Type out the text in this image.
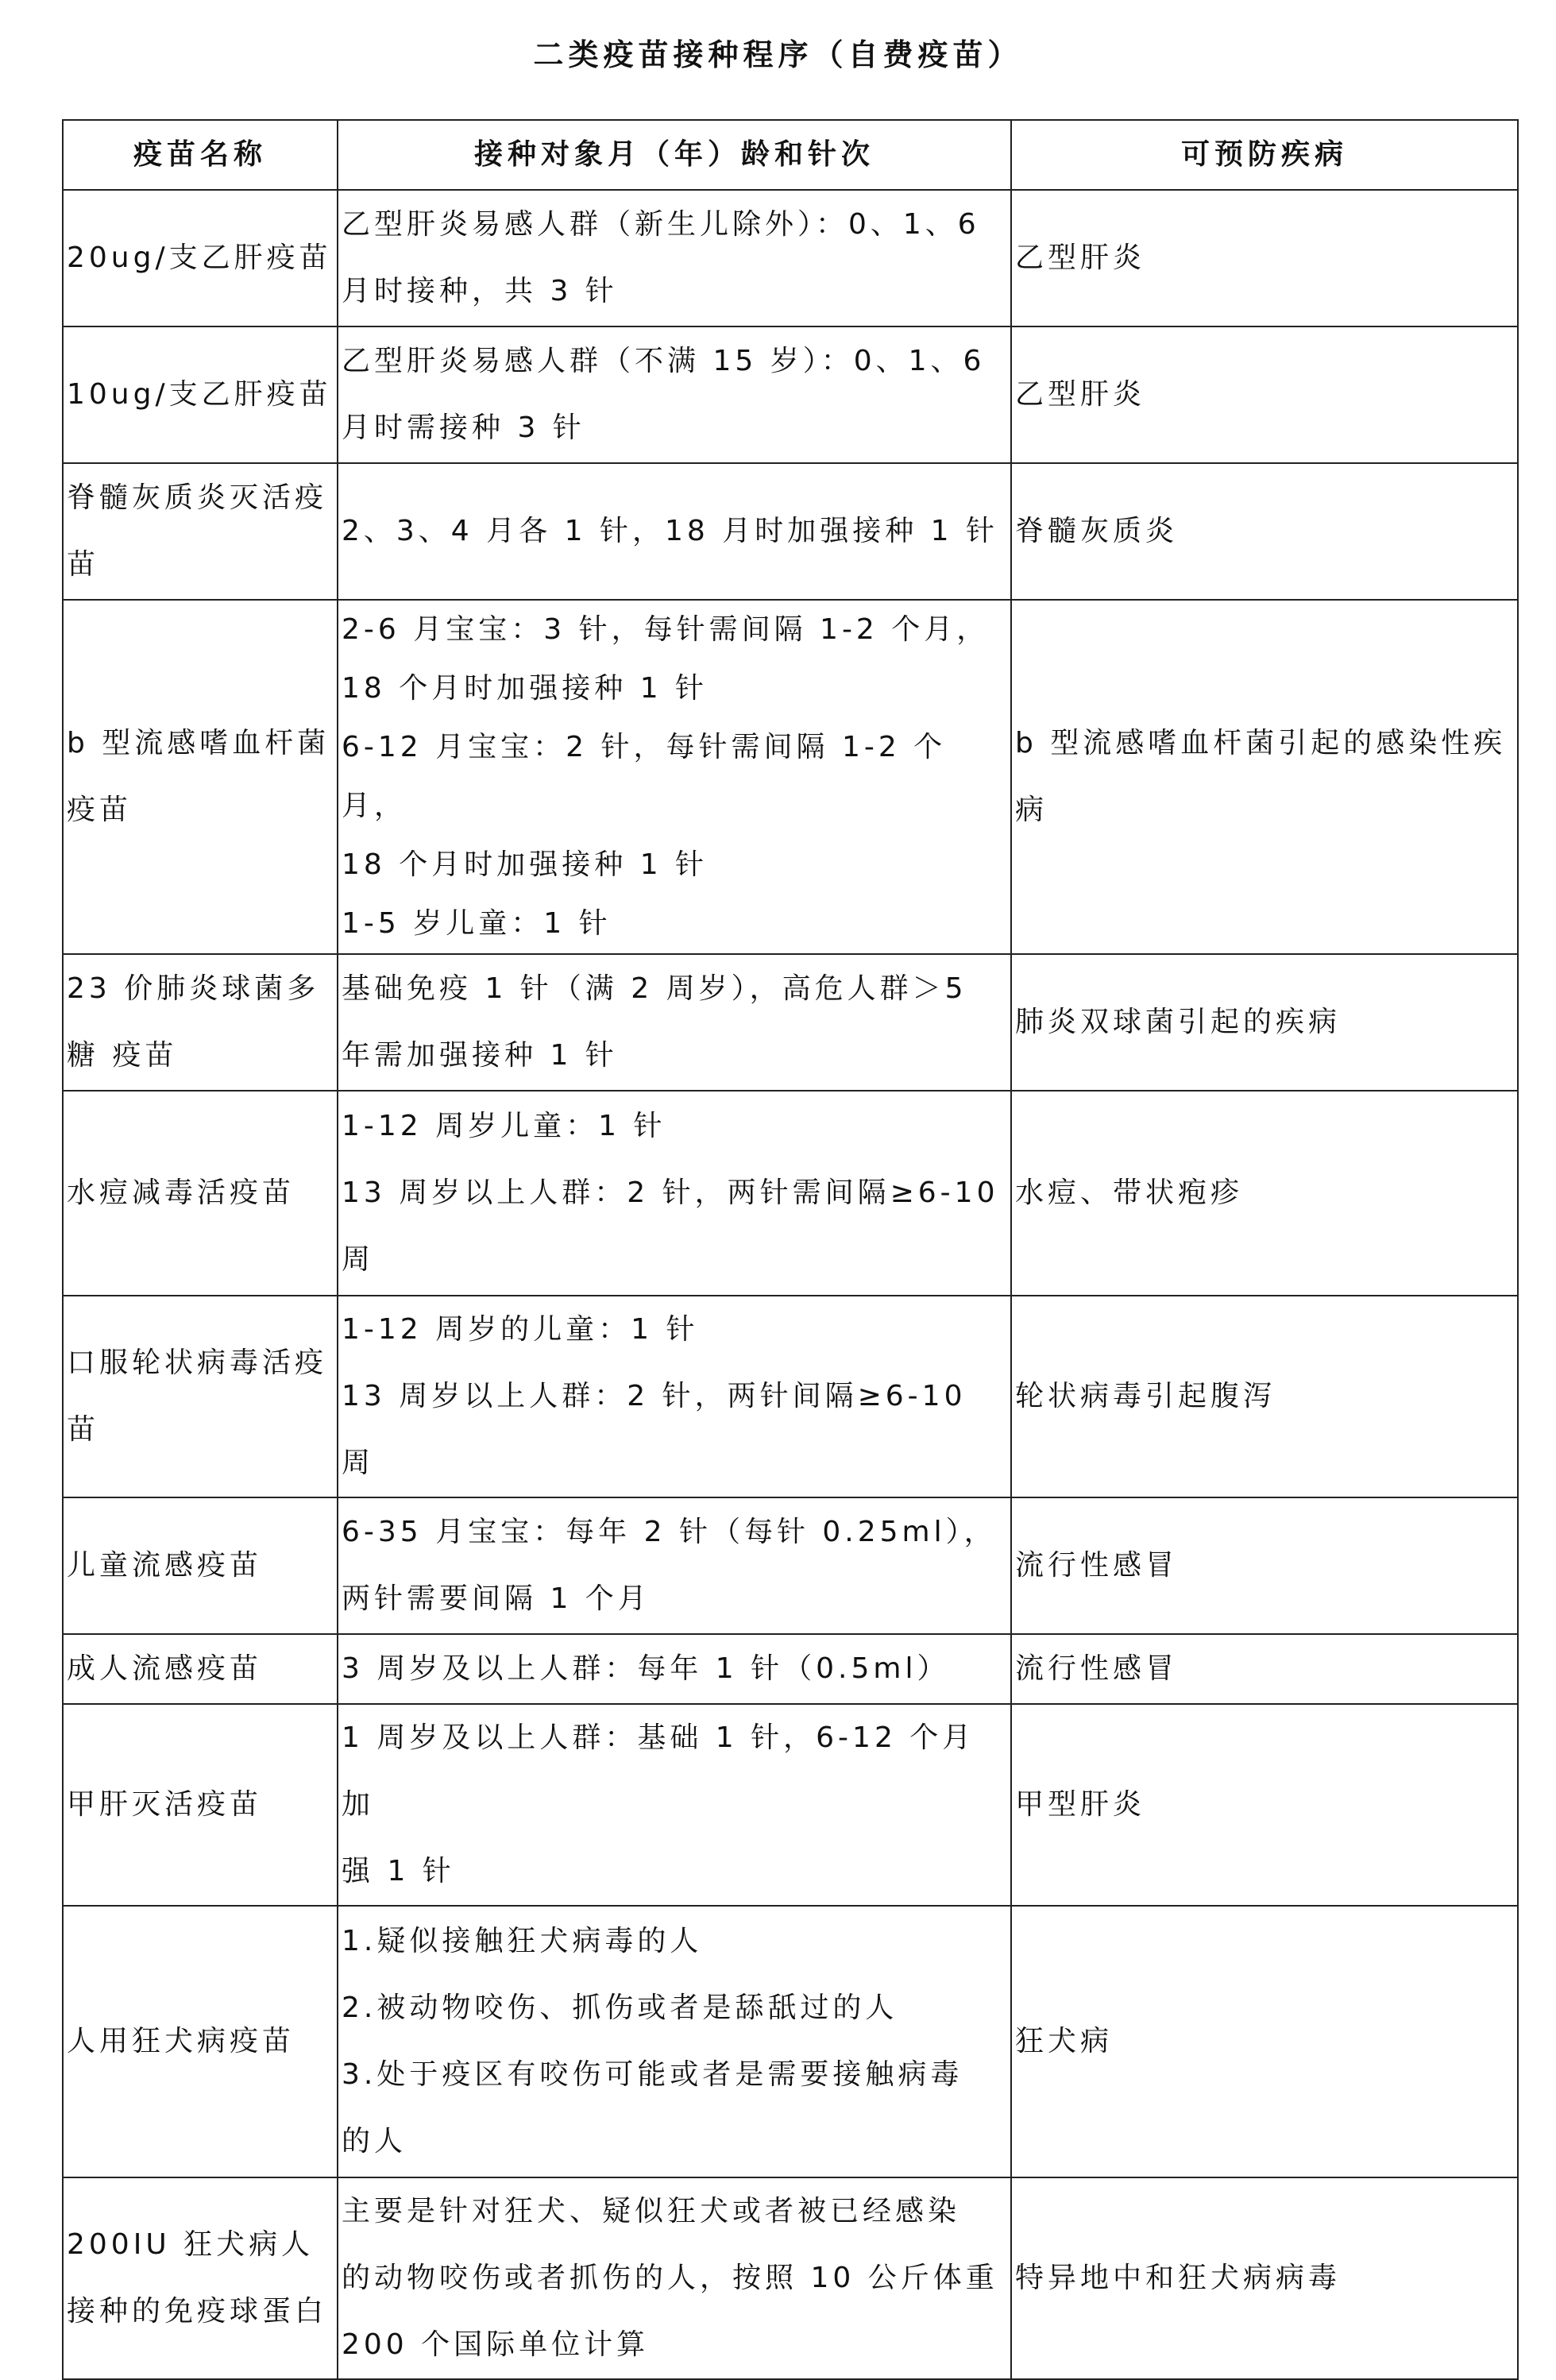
二类疫苗接种程序（自费疫苗）
疫苗名称	接种对象月（年）龄和针次	可预防疾病
20ug/支乙肝疫苗	乙型肝炎易感人群（新生儿除外）：0、1、6
月时接种，共 3 针	乙型肝炎
10ug/支乙肝疫苗	乙型肝炎易感人群（不满 15 岁）：0、1、6
月时需接种 3 针	乙型肝炎
脊髓灰质炎灭活疫苗	2、3、4 月各 1 针，18 月时加强接种 1 针	脊髓灰质炎
b 型流感嗜血杆菌疫苗	2-6 月宝宝：3 针，每针需间隔 1-2 个月，
18 个月时加强接种 1 针
6-12 月宝宝：2 针，每针需间隔 1-2 个月，
18 个月时加强接种 1 针
1-5 岁儿童：1 针	b 型流感嗜血杆菌引起的感染性疾病
23 价肺炎球菌多糖 疫苗	基础免疫 1 针（满 2 周岁），高危人群＞5
年需加强接种 1 针	肺炎双球菌引起的疾病
水痘减毒活疫苗	1-12 周岁儿童：1 针
13 周岁以上人群：2 针，两针需间隔≥6-10
周	水痘、带状疱疹
口服轮状病毒活疫苗	1-12 周岁的儿童：1 针
13 周岁以上人群：2 针，两针间隔≥6-10 周	轮状病毒引起腹泻
儿童流感疫苗	6-35 月宝宝：每年 2 针（每针 0.25ml），
两针需要间隔 1 个月	流行性感冒
成人流感疫苗	3 周岁及以上人群：每年 1 针（0.5ml）	流行性感冒
甲肝灭活疫苗	1 周岁及以上人群：基础 1 针，6-12 个月加
强 1 针	甲型肝炎
人用狂犬病疫苗	1.疑似接触狂犬病毒的人
2.被动物咬伤、抓伤或者是舔舐过的人
3.处于疫区有咬伤可能或者是需要接触病毒
的人	狂犬病
200IU 狂犬病人接种的免疫球蛋白	主要是针对狂犬、疑似狂犬或者被已经感染
的动物咬伤或者抓伤的人，按照 10 公斤体重
200 个国际单位计算	特异地中和狂犬病病毒
